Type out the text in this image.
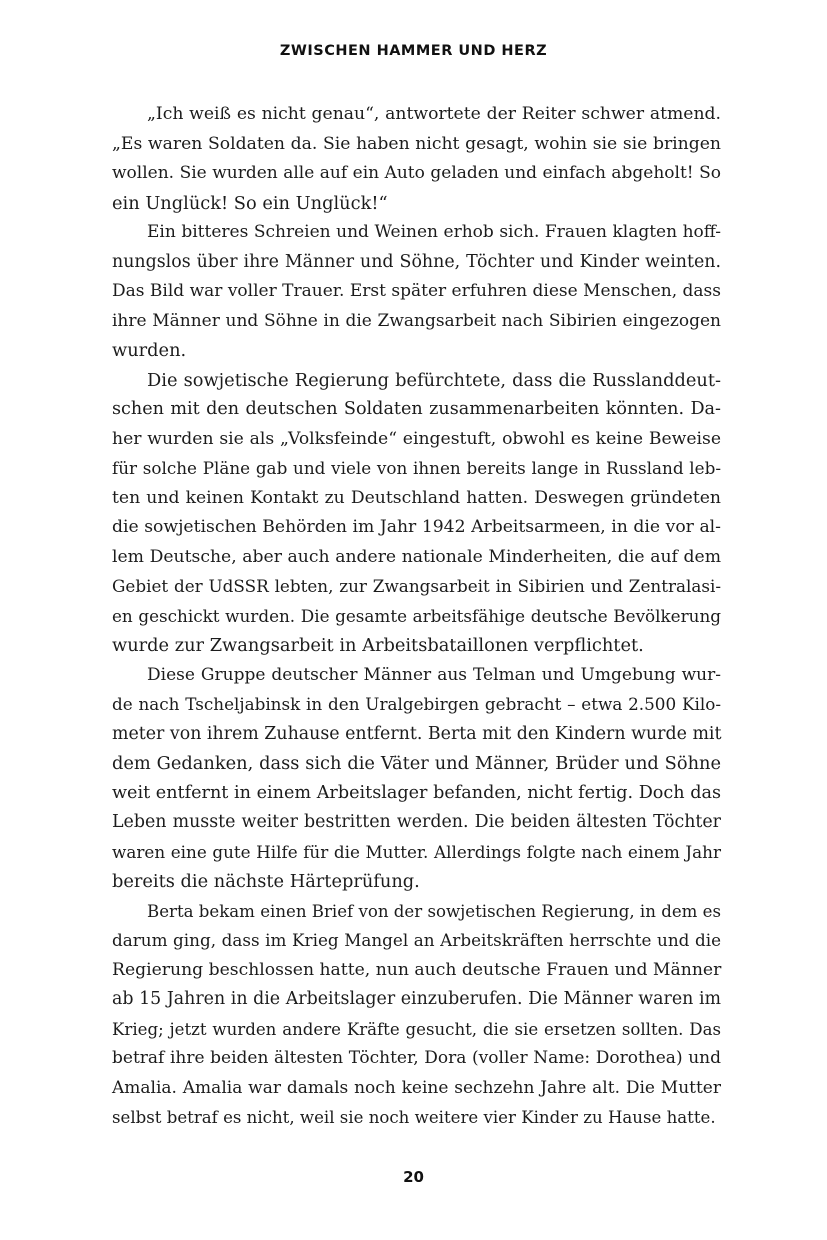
ZWISCHEN HAMMER UND HERZ
„Ich weiß es nicht genau“, antwortete der Reiter schwer atmend.
„Es waren Soldaten da. Sie haben nicht gesagt, wohin sie sie bringen
wollen. Sie wurden alle auf ein Auto geladen und einfach abgeholt! So
ein Unglück! So ein Unglück!“
Ein bitteres Schreien und Weinen erhob sich. Frauen klagten hoff-
nungslos über ihre Männer und Söhne, Töchter und Kinder weinten.
Das Bild war voller Trauer. Erst später erfuhren diese Menschen, dass
ihre Männer und Söhne in die Zwangsarbeit nach Sibirien eingezogen
wurden.
Die sowjetische Regierung befürchtete, dass die Russlanddeut-
schen mit den deutschen Soldaten zusammenarbeiten könnten. Da-
her wurden sie als „Volksfeinde“ eingestuft, obwohl es keine Beweise
für solche Pläne gab und viele von ihnen bereits lange in Russland leb-
ten und keinen Kontakt zu Deutschland hatten. Deswegen gründeten
die sowjetischen Behörden im Jahr 1942 Arbeitsarmeen, in die vor al-
lem Deutsche, aber auch andere nationale Minderheiten, die auf dem
Gebiet der UdSSR lebten, zur Zwangsarbeit in Sibirien und Zentralasi-
en geschickt wurden. Die gesamte arbeitsfähige deutsche Bevölkerung
wurde zur Zwangsarbeit in Arbeitsbataillonen verpflichtet.
Diese Gruppe deutscher Männer aus Telman und Umgebung wur-
de nach Tscheljabinsk in den Uralgebirgen gebracht – etwa 2.500 Kilo-
meter von ihrem Zuhause entfernt. Berta mit den Kindern wurde mit
dem Gedanken, dass sich die Väter und Männer, Brüder und Söhne
weit entfernt in einem Arbeitslager befanden, nicht fertig. Doch das
Leben musste weiter bestritten werden. Die beiden ältesten Töchter
waren eine gute Hilfe für die Mutter. Allerdings folgte nach einem Jahr
bereits die nächste Härteprüfung.
Berta bekam einen Brief von der sowjetischen Regierung, in dem es
darum ging, dass im Krieg Mangel an Arbeitskräften herrschte und die
Regierung beschlossen hatte, nun auch deutsche Frauen und Männer
ab 15 Jahren in die Arbeitslager einzuberufen. Die Männer waren im
Krieg; jetzt wurden andere Kräfte gesucht, die sie ersetzen sollten. Das
betraf ihre beiden ältesten Töchter, Dora (voller Name: Dorothea) und
Amalia. Amalia war damals noch keine sechzehn Jahre alt. Die Mutter
selbst betraf es nicht, weil sie noch weitere vier Kinder zu Hause hatte.
20
